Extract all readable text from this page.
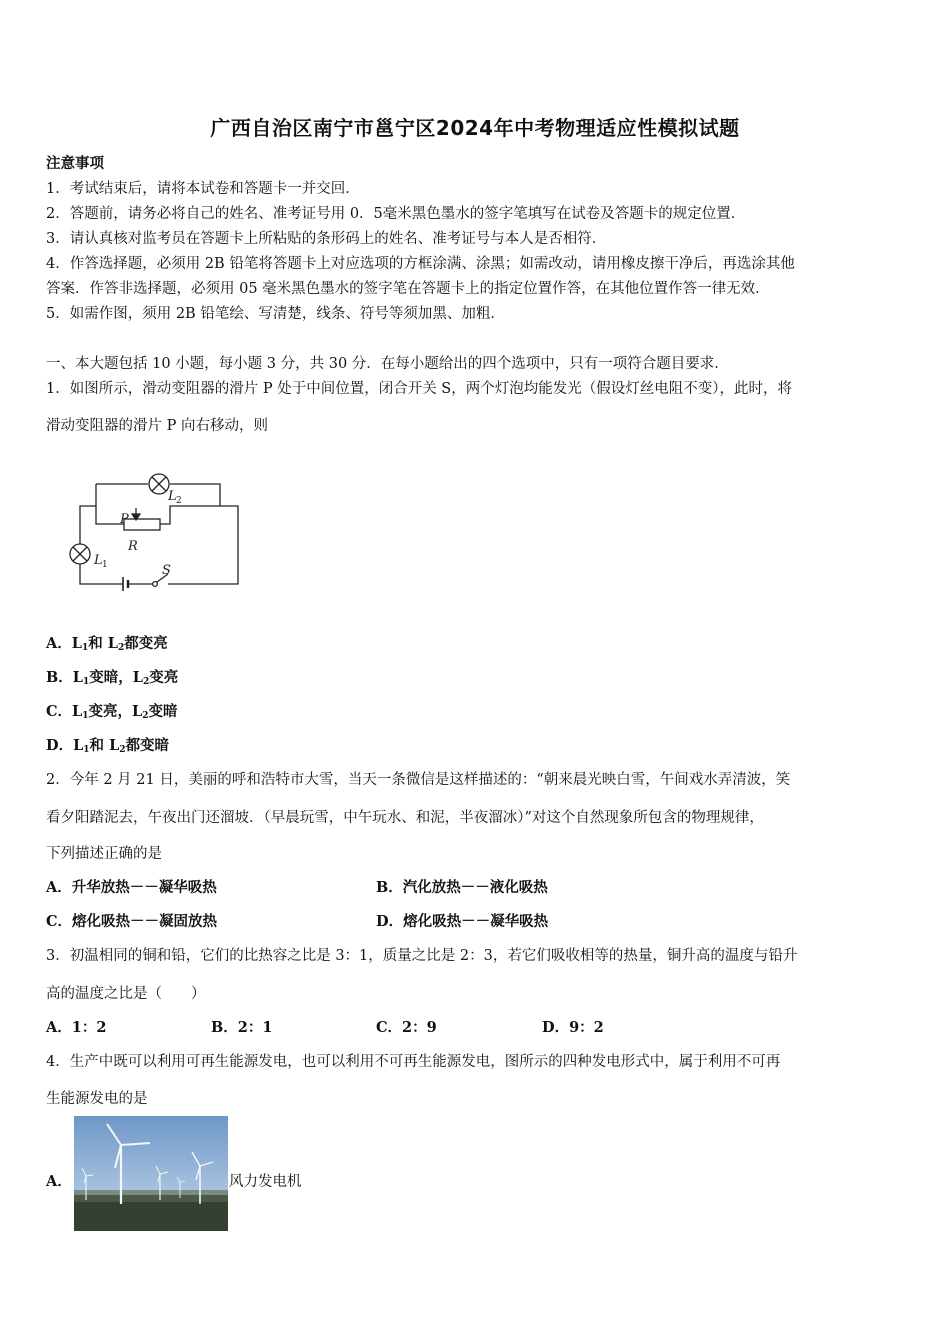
广西自治区南宁市邕宁区2024年中考物理适应性模拟试题
注意事项
1．考试结束后，请将本试卷和答题卡一并交回．
2．答题前，请务必将自己的姓名、准考证号用 0．5毫米黑色墨水的签字笔填写在试卷及答题卡的规定位置．
3．请认真核对监考员在答题卡上所粘贴的条形码上的姓名、准考证号与本人是否相符．
4．作答选择题，必须用 2B 铅笔将答题卡上对应选项的方框涂满、涂黑；如需改动，请用橡皮擦干净后，再选涂其他
答案．作答非选择题，必须用 05 毫米黑色墨水的签字笔在答题卡上的指定位置作答，在其他位置作答一律无效．
5．如需作图，须用 2B 铅笔绘、写清楚，线条、符号等须加黑、加粗．
一、本大题包括 10 小题，每小题 3 分，共 30 分．在每小题给出的四个选项中，只有一项符合题目要求．
1．如图所示，滑动变阻器的滑片 P 处于中间位置，闭合开关 S，两个灯泡均能发光（假设灯丝电阻不变），此时，将
滑动变阻器的滑片 P 向右移动，则
L 2
P
R
L 1	S
A．$L_1$和 $L_2$都变亮
B．$L_1$变暗，$L_2$变亮
C．$L_1$变亮，$L_2$变暗
D．$L_1$和 $L_2$都变暗
2．今年 2 月 21 日，美丽的呼和浩特市大雪，当天一条微信是这样描述的：“朝来晨光映白雪，午间戏水弄清波，笑
看夕阳踏泥去，午夜出门还溜坡．（早晨玩雪，中午玩水、和泥，半夜溜冰）”对这个自然现象所包含的物理规律，
下列描述正确的是
A．升华放热－－凝华吸热	B．汽化放热－－液化吸热
C．熔化吸热－－凝固放热	D．熔化吸热－－凝华吸热
3．初温相同的铜和铅，它们的比热容之比是 3：1，质量之比是 2：3，若它们吸收相等的热量，铜升高的温度与铅升
高的温度之比是（　　）
A．1：2	B．2：1	C．2：9	D．9：2
4．生产中既可以利用可再生能源发电，也可以利用不可再生能源发电，图所示的四种发电形式中，属于利用不可再
生能源发电的是
A．	风力发电机
